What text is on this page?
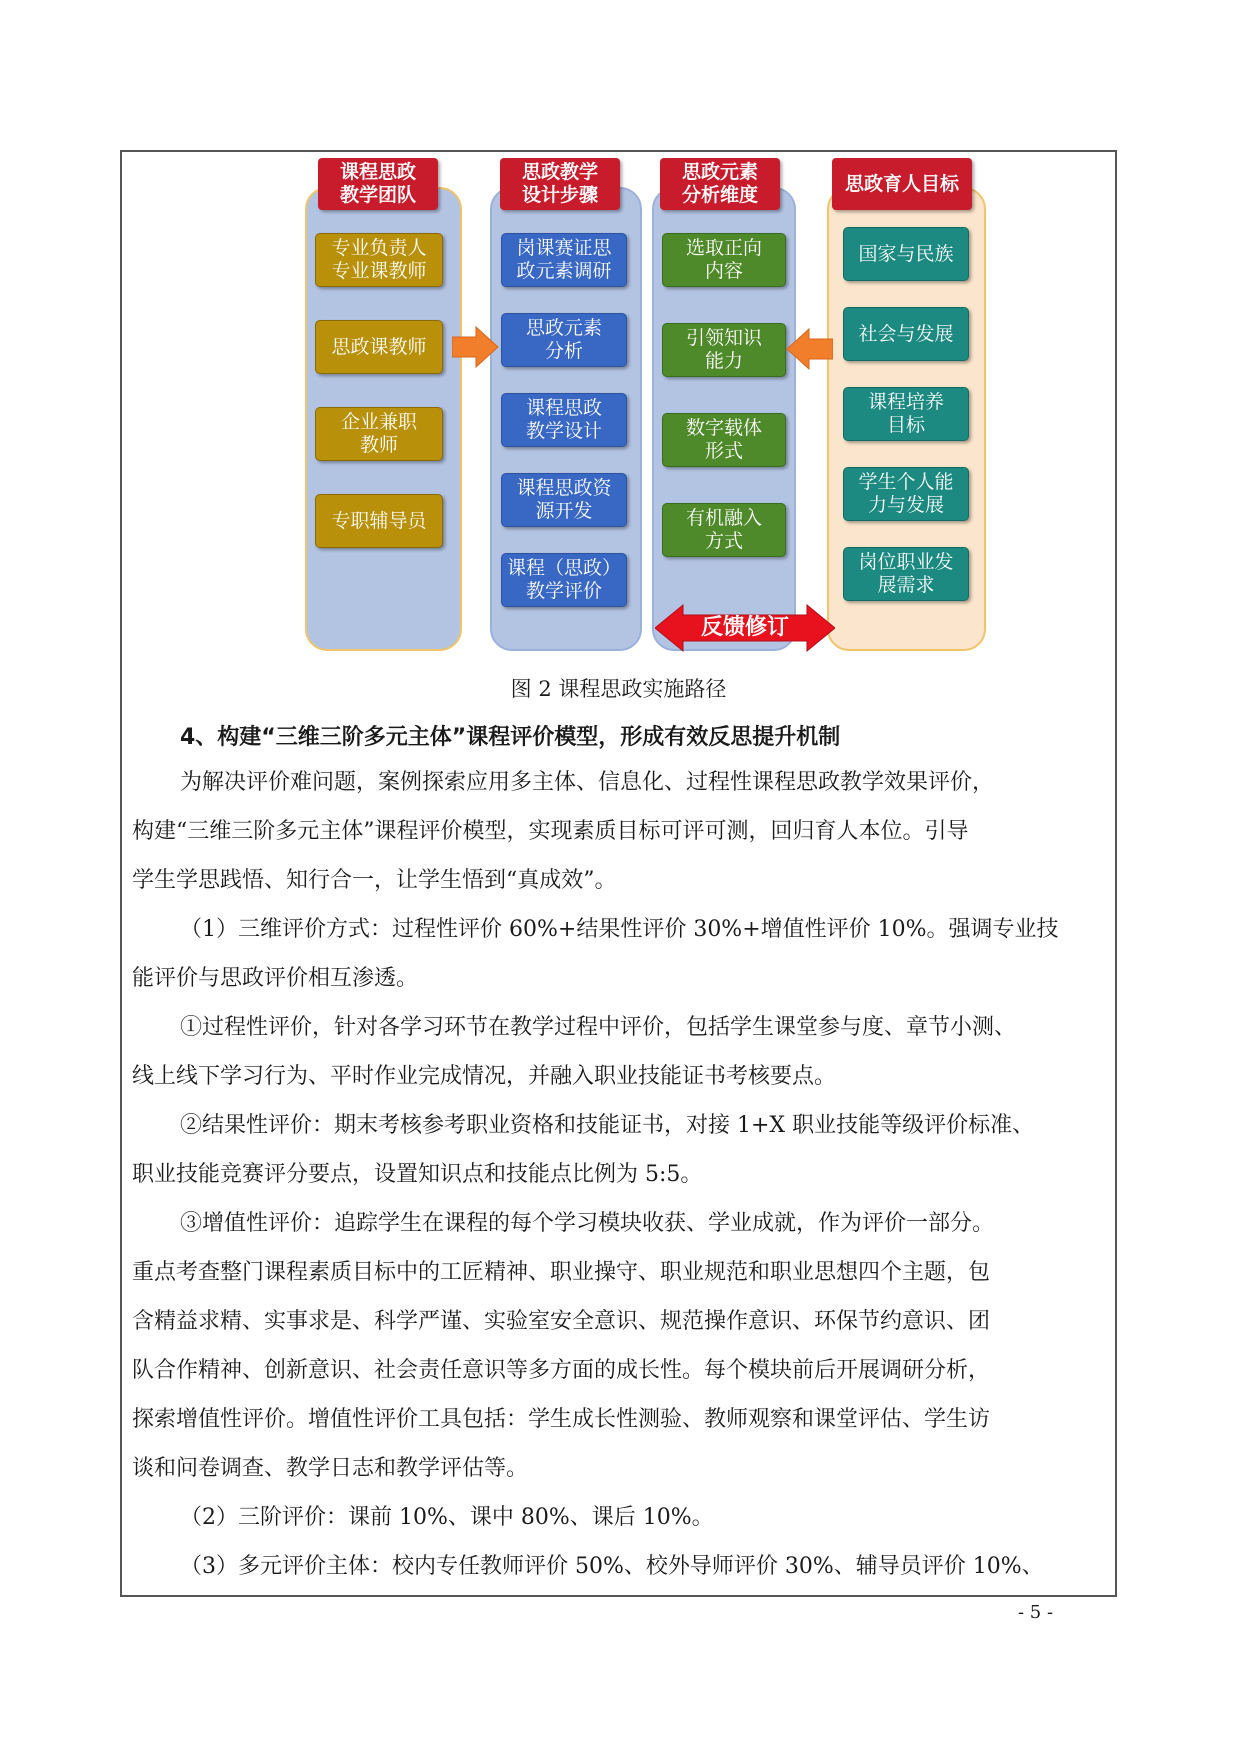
课程思政
教学团队
思政教学
设计步骤
思政元素
分析维度
思政育人目标
专业负责人
专业课教师
思政课教师
企业兼职
教师
专职辅导员
岗课赛证思
政元素调研
思政元素
分析
课程思政
教学设计
课程思政资
源开发
课程（思政）
教学评价
选取正向
内容
引领知识
能力
数字载体
形式
有机融入
方式
国家与民族
社会与发展
课程培养
目标
学生个人能
力与发展
岗位职业发
展需求
反馈修订
图 2 课程思政实施路径
4、构建“三维三阶多元主体”课程评价模型，形成有效反思提升机制
为解决评价难问题，案例探索应用多主体、信息化、过程性课程思政教学效果评价，
构建“三维三阶多元主体”课程评价模型，实现素质目标可评可测，回归育人本位。引导
学生学思践悟、知行合一，让学生悟到“真成效”。
（1）三维评价方式：过程性评价 60%+结果性评价 30%+增值性评价 10%。强调专业技
能评价与思政评价相互渗透。
①过程性评价，针对各学习环节在教学过程中评价，包括学生课堂参与度、章节小测、
线上线下学习行为、平时作业完成情况，并融入职业技能证书考核要点。
②结果性评价：期末考核参考职业资格和技能证书，对接 1+X 职业技能等级评价标准、
职业技能竞赛评分要点，设置知识点和技能点比例为 5:5。
③增值性评价：追踪学生在课程的每个学习模块收获、学业成就，作为评价一部分。
重点考查整门课程素质目标中的工匠精神、职业操守、职业规范和职业思想四个主题，包
含精益求精、实事求是、科学严谨、实验室安全意识、规范操作意识、环保节约意识、团
队合作精神、创新意识、社会责任意识等多方面的成长性。每个模块前后开展调研分析，
探索增值性评价。增值性评价工具包括：学生成长性测验、教师观察和课堂评估、学生访
谈和问卷调查、教学日志和教学评估等。
（2）三阶评价：课前 10%、课中 80%、课后 10%。
（3）多元评价主体：校内专任教师评价 50%、校外导师评价 30%、辅导员评价 10%、
- 5 -
